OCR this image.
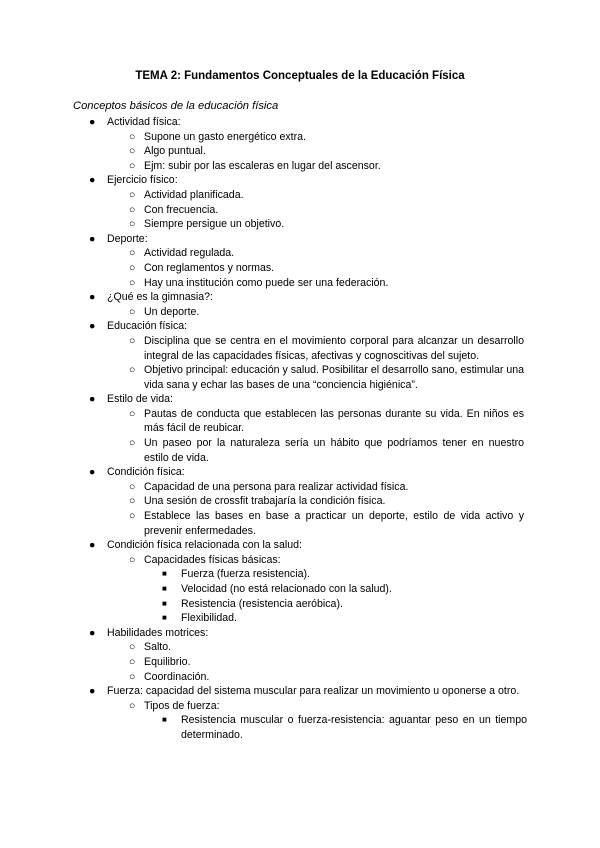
TEMA 2: Fundamentos Conceptuales de la Educación Física
Conceptos básicos de la educación física
● Actividad física:
○ Supone un gasto energético extra.
○ Algo puntual.
○ Ejm: subir por las escaleras en lugar del ascensor.
● Ejercicio físico:
○ Actividad planificada.
○ Con frecuencia.
○ Siempre persigue un objetivo.
● Deporte:
○ Actividad regulada.
○ Con reglamentos y normas.
○ Hay una institución como puede ser una federación.
● ¿Qué es la gimnasia?:
○ Un deporte.
● Educación física:
○ Disciplina que se centra en el movimiento corporal para alcanzar un desarrollo integral de las capacidades físicas, afectivas y cognoscitivas del sujeto.
○ Objetivo principal: educación y salud. Posibilitar el desarrollo sano, estimular una vida sana y echar las bases de una “conciencia higiénica”.
● Estilo de vida:
○ Pautas de conducta que establecen las personas durante su vida. En niños es más fácil de reubicar.
○ Un paseo por la naturaleza sería un hábito que podríamos tener en nuestro estilo de vida.
● Condición física:
○ Capacidad de una persona para realizar actividad física.
○ Una sesión de crossfit trabajaría la condición física.
○ Establece las bases en base a practicar un deporte, estilo de vida activo y prevenir enfermedades.
● Condición física relacionada con la salud:
○ Capacidades físicas básicas:
■ Fuerza (fuerza resistencia).
■ Velocidad (no está relacionado con la salud).
■ Resistencia (resistencia aeróbica).
■ Flexibilidad.
● Habilidades motrices:
○ Salto.
○ Equilibrio.
○ Coordinación.
● Fuerza: capacidad del sistema muscular para realizar un movimiento u oponerse a otro.
○ Tipos de fuerza:
■ Resistencia muscular o fuerza-resistencia: aguantar peso en un tiempo determinado.
